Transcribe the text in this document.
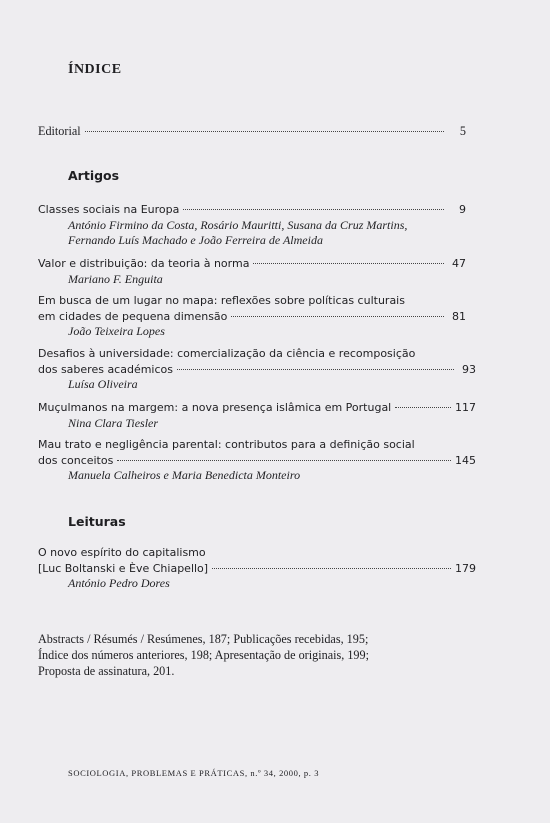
ÍNDICE
Editorial	5
Artigos
Classes sociais na Europa	9
António Firmino da Costa, Rosário Mauritti, Susana da Cruz Martins,
Fernando Luís Machado e João Ferreira de Almeida
Valor e distribuição: da teoria à norma	47
Mariano F. Enguita
Em busca de um lugar no mapa: reflexões sobre políticas culturais
em cidades de pequena dimensão	81
João Teixeira Lopes
Desafios à universidade: comercialização da ciência e recomposição
dos saberes académicos	93
Luísa Oliveira
Muçulmanos na margem: a nova presença islâmica em Portugal	117
Nina Clara Tiesler
Mau trato e negligência parental: contributos para a definição social
dos conceitos	145
Manuela Calheiros e Maria Benedicta Monteiro
Leituras
O novo espírito do capitalismo
[Luc Boltanski e Ève Chiapello]	179
António Pedro Dores
Abstracts / Résumés / Resúmenes, 187; Publicações recebidas, 195;
Índice dos números anteriores, 198; Apresentação de originais, 199;
Proposta de assinatura, 201.
SOCIOLOGIA, PROBLEMAS E PRÁTICAS, n.º 34, 2000, p. 3
